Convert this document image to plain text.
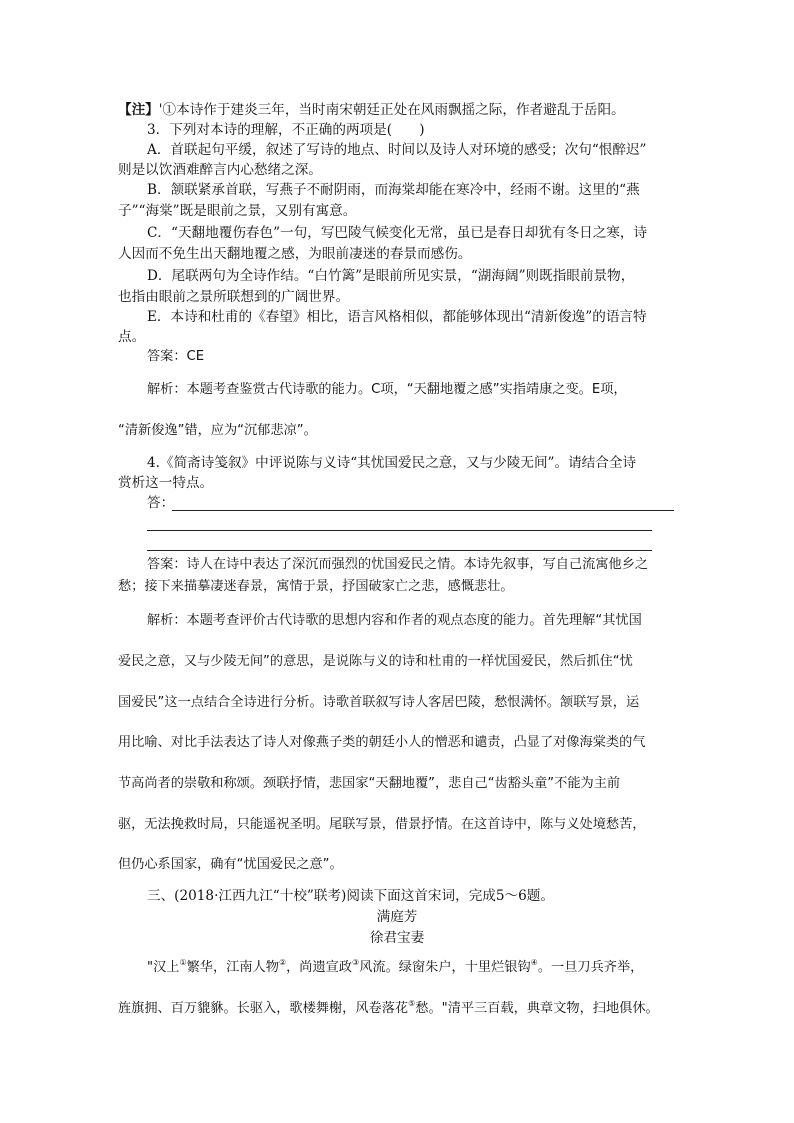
【注】'①本诗作于建炎三年，当时南宋朝廷正处在风雨飘摇之际，作者避乱于岳阳。
3．下列对本诗的理解，不正确的两项是(　　)
A．首联起句平缓，叙述了写诗的地点、时间以及诗人对环境的感受；次句“恨醉迟”
则是以饮酒难醉言内心愁绪之深。
B．颔联紧承首联，写燕子不耐阴雨，而海棠却能在寒冷中，经雨不谢。这里的“燕
子”“海棠”既是眼前之景，又别有寓意。
C．“天翻地覆伤春色”一句，写巴陵气候变化无常，虽已是春日却犹有冬日之寒，诗
人因而不免生出天翻地覆之感，为眼前凄迷的春景而感伤。
D．尾联两句为全诗作结。“白竹篱”是眼前所见实景，“湖海阔”则既指眼前景物，
也指由眼前之景所联想到的广阔世界。
E．本诗和杜甫的《春望》相比，语言风格相似，都能够体现出“清新俊逸”的语言特
点。
答案：CE
解析：本题考查鉴赏古代诗歌的能力。C项，“天翻地覆之感”实指靖康之变。E项，
“清新俊逸”错，应为“沉郁悲凉”。
4.《简斋诗笺叙》中评说陈与义诗“其忧国爱民之意，又与少陵无间”。请结合全诗
赏析这一特点。
答：
答案：诗人在诗中表达了深沉而强烈的忧国爱民之情。本诗先叙事，写自己流寓他乡之
愁；接下来描摹凄迷春景，寓情于景，抒国破家亡之悲，感慨悲壮。
解析：本题考查评价古代诗歌的思想内容和作者的观点态度的能力。首先理解“其忧国
爱民之意，又与少陵无间”的意思，是说陈与义的诗和杜甫的一样忧国爱民，然后抓住“忧
国爱民”这一点结合全诗进行分析。诗歌首联叙写诗人客居巴陵，愁恨满怀。颔联写景，运
用比喻、对比手法表达了诗人对像燕子类的朝廷小人的憎恶和谴责，凸显了对像海棠类的气
节高尚者的崇敬和称颂。颈联抒情，悲国家“天翻地覆”，悲自己“齿豁头童”不能为主前
驱，无法挽救时局，只能遥祝圣明。尾联写景，借景抒情。在这首诗中，陈与义处境愁苦，
但仍心系国家，确有“忧国爱民之意”。
三、(2018·江西九江“十校”联考)阅读下面这首宋词，完成5～6题。
满庭芳
徐君宝妻
"汉上①繁华，江南人物②，尚遗宣政③风流。绿窗朱户，十里烂银钩④。一旦刀兵齐举，
旌旗拥、百万貔貅。长驱入，歌楼舞榭，风卷落花⑤愁。"清平三百载，典章文物，扫地俱休。
